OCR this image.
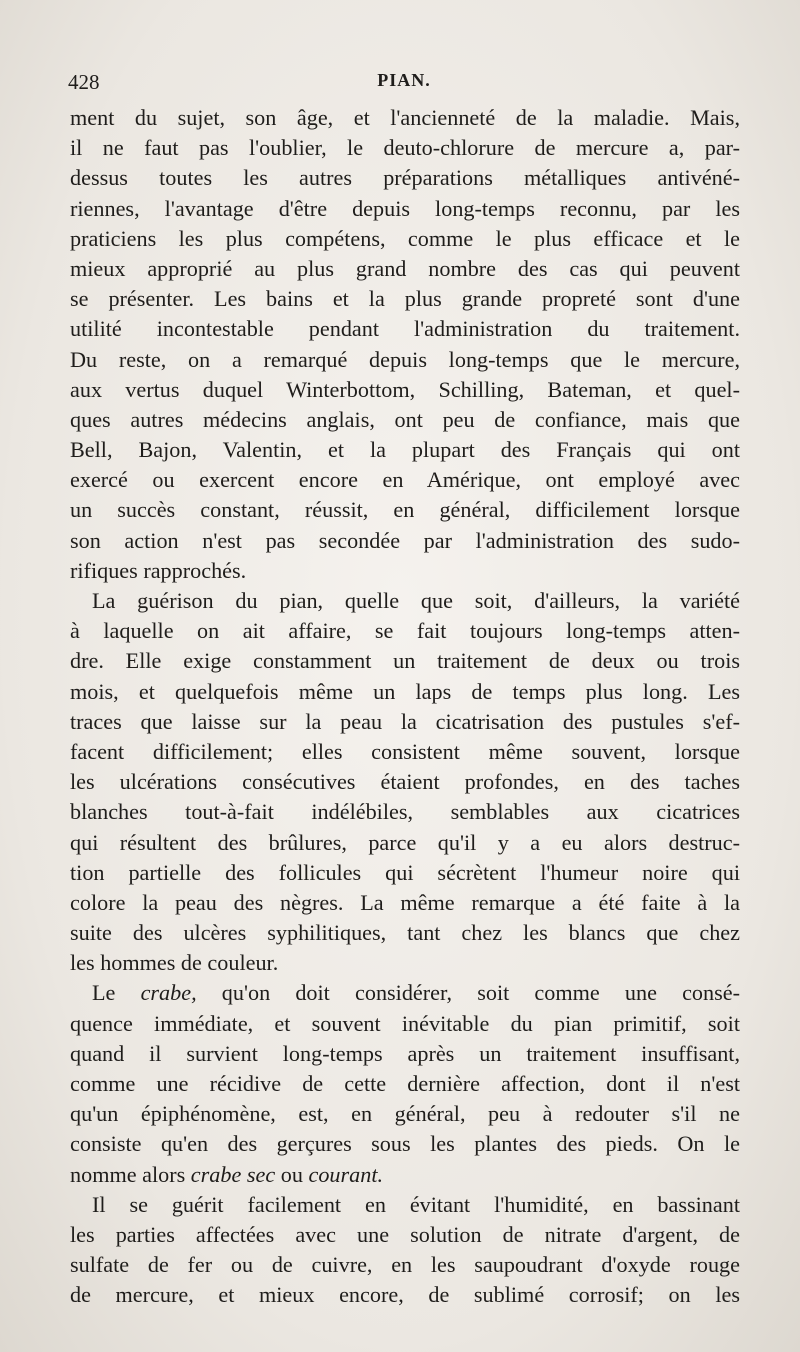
428	PIAN.
ment du sujet, son âge, et l'ancienneté de la maladie. Mais,
il ne faut pas l'oublier, le deuto-chlorure de mercure a, par-
dessus toutes les autres préparations métalliques antivéné-
riennes, l'avantage d'être depuis long-temps reconnu, par les
praticiens les plus compétens, comme le plus efficace et le
mieux approprié au plus grand nombre des cas qui peuvent
se présenter. Les bains et la plus grande propreté sont d'une
utilité incontestable pendant l'administration du traitement.
Du reste, on a remarqué depuis long-temps que le mercure,
aux vertus duquel Winterbottom, Schilling, Bateman, et quel-
ques autres médecins anglais, ont peu de confiance, mais que
Bell, Bajon, Valentin, et la plupart des Français qui ont
exercé ou exercent encore en Amérique, ont employé avec
un succès constant, réussit, en général, difficilement lorsque
son action n'est pas secondée par l'administration des sudo-
rifiques rapprochés.
La guérison du pian, quelle que soit, d'ailleurs, la variété
à laquelle on ait affaire, se fait toujours long-temps atten-
dre. Elle exige constamment un traitement de deux ou trois
mois, et quelquefois même un laps de temps plus long. Les
traces que laisse sur la peau la cicatrisation des pustules s'ef-
facent difficilement; elles consistent même souvent, lorsque
les ulcérations consécutives étaient profondes, en des taches
blanches tout-à-fait indélébiles, semblables aux cicatrices
qui résultent des brûlures, parce qu'il y a eu alors destruc-
tion partielle des follicules qui sécrètent l'humeur noire qui
colore la peau des nègres. La même remarque a été faite à la
suite des ulcères syphilitiques, tant chez les blancs que chez
les hommes de couleur.
Le crabe, qu'on doit considérer, soit comme une consé-
quence immédiate, et souvent inévitable du pian primitif, soit
quand il survient long-temps après un traitement insuffisant,
comme une récidive de cette dernière affection, dont il n'est
qu'un épiphénomène, est, en général, peu à redouter s'il ne
consiste qu'en des gerçures sous les plantes des pieds. On le
nomme alors crabe sec ou courant.
Il se guérit facilement en évitant l'humidité, en bassinant
les parties affectées avec une solution de nitrate d'argent, de
sulfate de fer ou de cuivre, en les saupoudrant d'oxyde rouge
de mercure, et mieux encore, de sublimé corrosif; on les
